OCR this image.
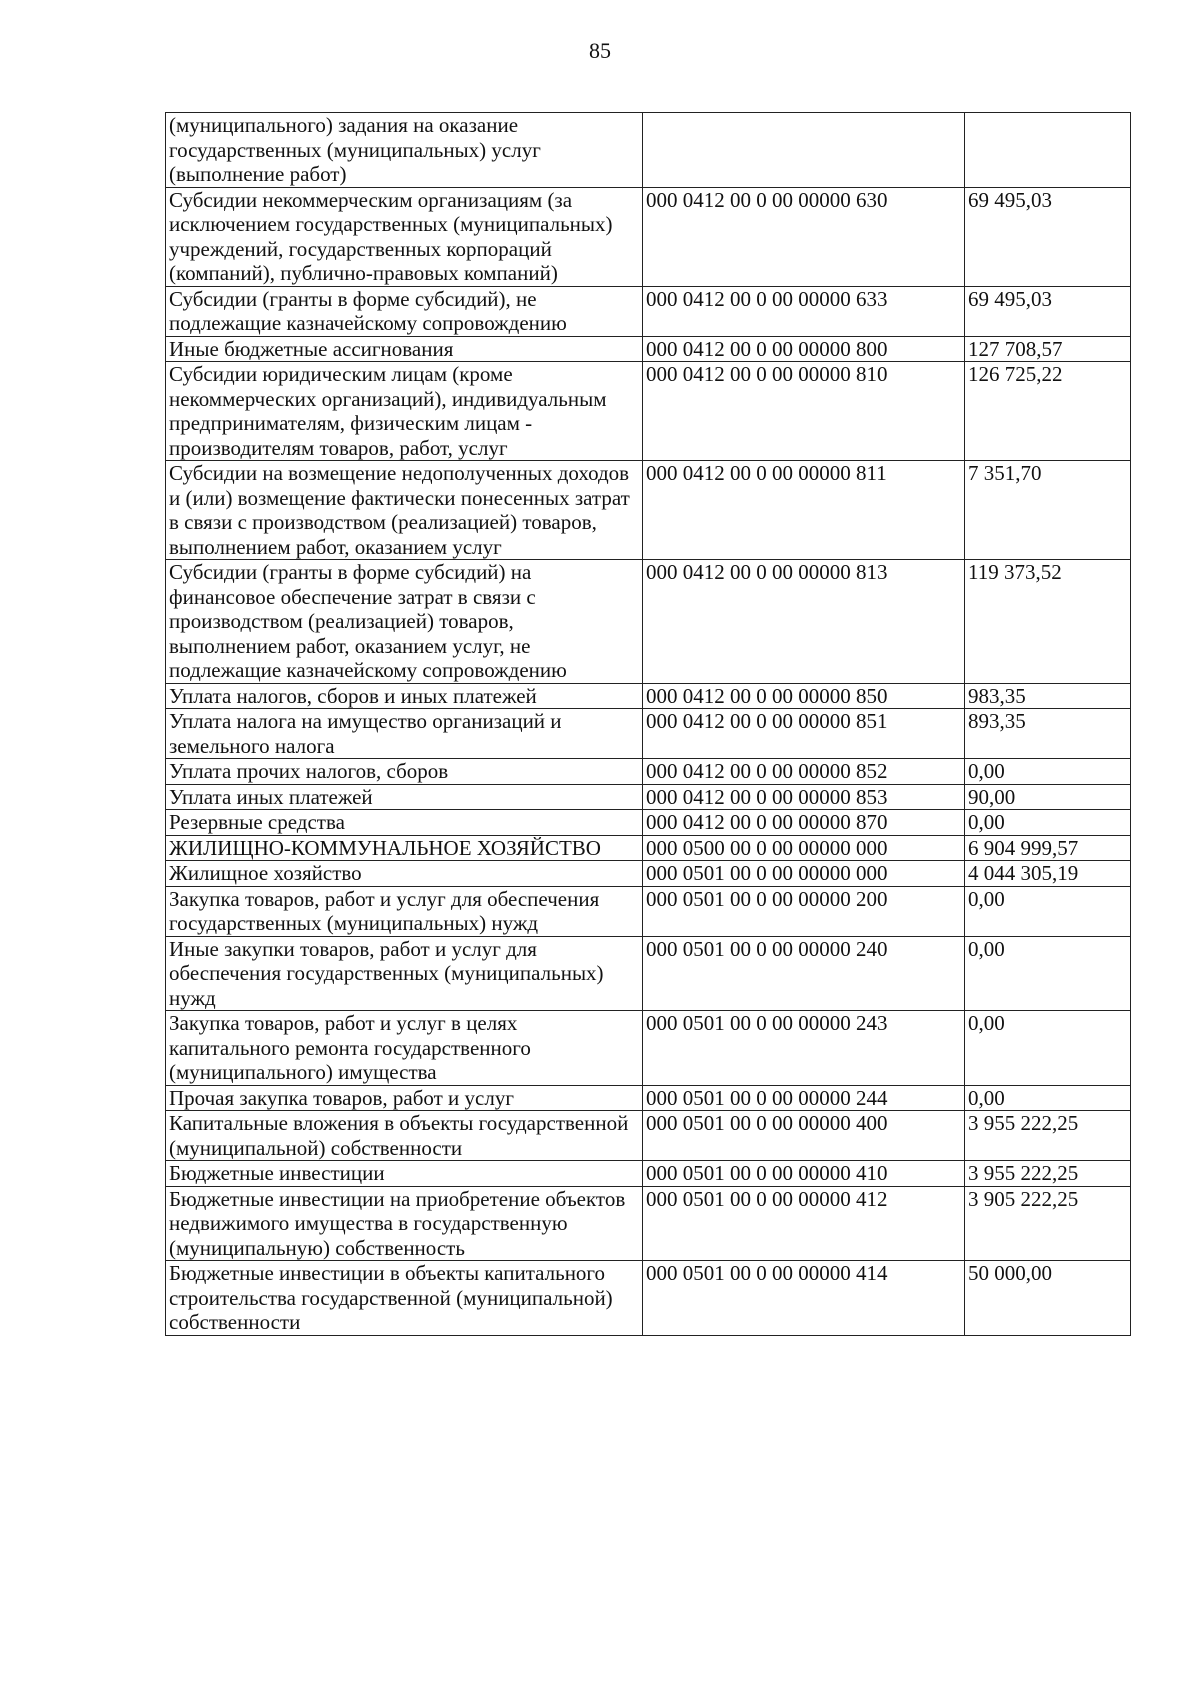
85
(муниципального) задания на оказание государственных (муниципальных) услуг (выполнение работ)		
Субсидии некоммерческим организациям (за исключением государственных (муниципальных) учреждений, государственных корпораций (компаний), публично-правовых компаний)	000 0412 00 0 00 00000 630	69 495,03
Субсидии (гранты в форме субсидий), не подлежащие казначейскому сопровождению	000 0412 00 0 00 00000 633	69 495,03
Иные бюджетные ассигнования	000 0412 00 0 00 00000 800	127 708,57
Субсидии юридическим лицам (кроме некоммерческих организаций), индивидуальным предпринимателям, физическим лицам - производителям товаров, работ, услуг	000 0412 00 0 00 00000 810	126 725,22
Субсидии на возмещение недополученных доходов и (или) возмещение фактически понесенных затрат в связи с производством (реализацией) товаров, выполнением работ, оказанием услуг	000 0412 00 0 00 00000 811	7 351,70
Субсидии (гранты в форме субсидий) на финансовое обеспечение затрат в связи с производством (реализацией) товаров, выполнением работ, оказанием услуг, не подлежащие казначейскому сопровождению	000 0412 00 0 00 00000 813	119 373,52
Уплата налогов, сборов и иных платежей	000 0412 00 0 00 00000 850	983,35
Уплата налога на имущество организаций и земельного налога	000 0412 00 0 00 00000 851	893,35
Уплата прочих налогов, сборов	000 0412 00 0 00 00000 852	0,00
Уплата иных платежей	000 0412 00 0 00 00000 853	90,00
Резервные средства	000 0412 00 0 00 00000 870	0,00
ЖИЛИЩНО-КОММУНАЛЬНОЕ ХОЗЯЙСТВО	000 0500 00 0 00 00000 000	6 904 999,57
Жилищное хозяйство	000 0501 00 0 00 00000 000	4 044 305,19
Закупка товаров, работ и услуг для обеспечения государственных (муниципальных) нужд	000 0501 00 0 00 00000 200	0,00
Иные закупки товаров, работ и услуг для обеспечения государственных (муниципальных) нужд	000 0501 00 0 00 00000 240	0,00
Закупка товаров, работ и услуг в целях капитального ремонта государственного (муниципального) имущества	000 0501 00 0 00 00000 243	0,00
Прочая закупка товаров, работ и услуг	000 0501 00 0 00 00000 244	0,00
Капитальные вложения в объекты государственной (муниципальной) собственности	000 0501 00 0 00 00000 400	3 955 222,25
Бюджетные инвестиции	000 0501 00 0 00 00000 410	3 955 222,25
Бюджетные инвестиции на приобретение объектов недвижимого имущества в государственную (муниципальную) собственность	000 0501 00 0 00 00000 412	3 905 222,25
Бюджетные инвестиции в объекты капитального строительства государственной (муниципальной) собственности	000 0501 00 0 00 00000 414	50 000,00
